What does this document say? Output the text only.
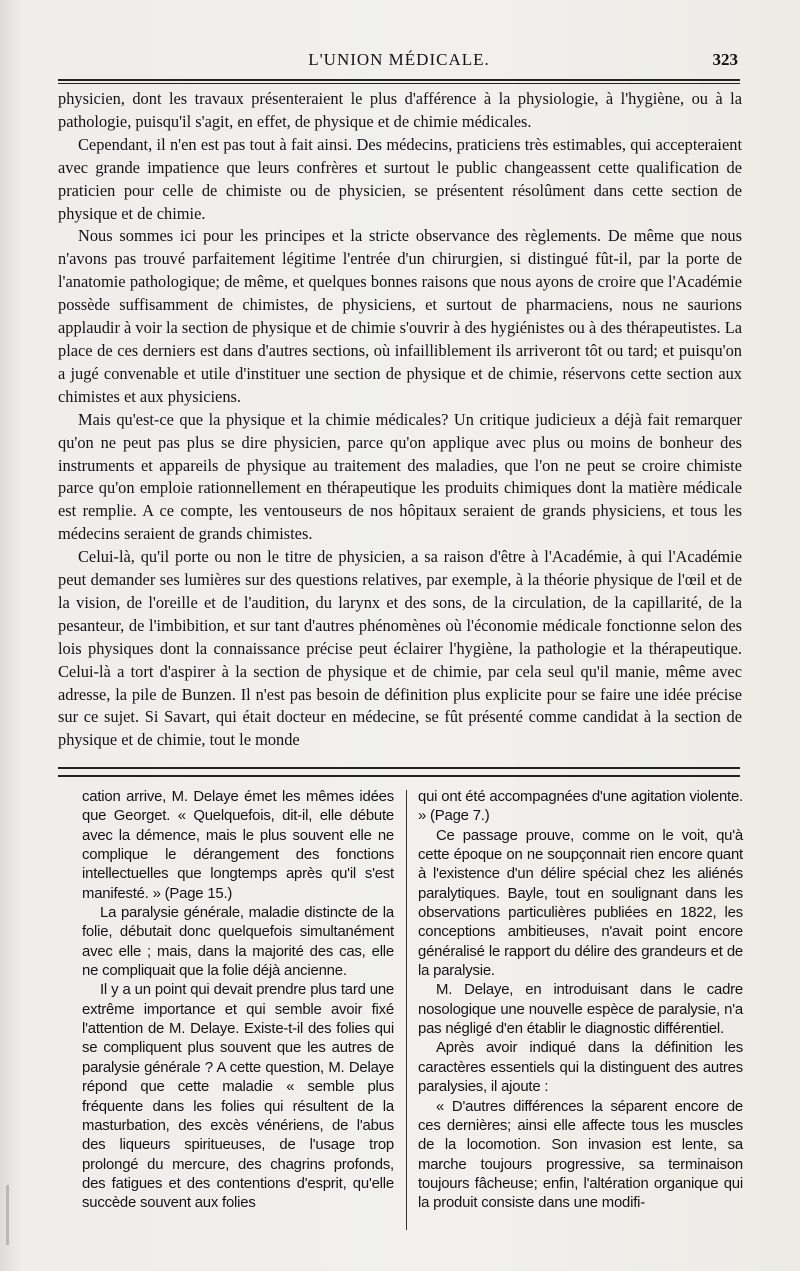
L'UNION MÉDICALE.	323

physicien, dont les travaux présenteraient le plus d'afférence à la physiologie, à l'hygiène, ou à la pathologie, puisqu'il s'agit, en effet, de physique et de chimie médicales.

Cependant, il n'en est pas tout à fait ainsi. Des médecins, praticiens très estimables, qui accepteraient avec grande impatience que leurs confrères et surtout le public changeassent cette qualification de praticien pour celle de chimiste ou de physicien, se présentent résolûment dans cette section de physique et de chimie.

Nous sommes ici pour les principes et la stricte observance des règlements. De même que nous n'avons pas trouvé parfaitement légitime l'entrée d'un chirurgien, si distingué fût-il, par la porte de l'anatomie pathologique; de même, et quelques bonnes raisons que nous ayons de croire que l'Académie possède suffisamment de chimistes, de physiciens, et surtout de pharmaciens, nous ne saurions applaudir à voir la section de physique et de chimie s'ouvrir à des hygiénistes ou à des thérapeutistes. La place de ces derniers est dans d'autres sections, où infailliblement ils arriveront tôt ou tard; et puisqu'on a jugé convenable et utile d'instituer une section de physique et de chimie, réservons cette section aux chimistes et aux physiciens.

Mais qu'est-ce que la physique et la chimie médicales? Un critique judicieux a déjà fait remarquer qu'on ne peut pas plus se dire physicien, parce qu'on applique avec plus ou moins de bonheur des instruments et appareils de physique au traitement des maladies, que l'on ne peut se croire chimiste parce qu'on emploie rationnellement en thérapeutique les produits chimiques dont la matière médicale est remplie. A ce compte, les ventouseurs de nos hôpitaux seraient de grands physiciens, et tous les médecins seraient de grands chimistes.

Celui-là, qu'il porte ou non le titre de physicien, a sa raison d'être à l'Académie, à qui l'Académie peut demander ses lumières sur des questions relatives, par exemple, à la théorie physique de l'œil et de la vision, de l'oreille et de l'audition, du larynx et des sons, de la circulation, de la capillarité, de la pesanteur, de l'imbibition, et sur tant d'autres phénomènes où l'économie médicale fonctionne selon des lois physiques dont la connaissance précise peut éclairer l'hygiène, la pathologie et la thérapeutique. Celui-là a tort d'aspirer à la section de physique et de chimie, par cela seul qu'il manie, même avec adresse, la pile de Bunzen. Il n'est pas besoin de définition plus explicite pour se faire une idée précise sur ce sujet. Si Savart, qui était docteur en médecine, se fût présenté comme candidat à la section de physique et de chimie, tout le monde

cation arrive, M. Delaye émet les mêmes idées que Georget. « Quelquefois, dit-il, elle débute avec la démence, mais le plus souvent elle ne complique le dérangement des fonctions intellectuelles que longtemps après qu'il s'est manifesté. » (Page 15.)

La paralysie générale, maladie distincte de la folie, débutait donc quelquefois simultanément avec elle ; mais, dans la majorité des cas, elle ne compliquait que la folie déjà ancienne.

Il y a un point qui devait prendre plus tard une extrême importance et qui semble avoir fixé l'attention de M. Delaye. Existe-t-il des folies qui se compliquent plus souvent que les autres de paralysie générale ? A cette question, M. Delaye répond que cette maladie « semble plus fréquente dans les folies qui résultent de la masturbation, des excès vénériens, de l'abus des liqueurs spiritueuses, de l'usage trop prolongé du mercure, des chagrins profonds, des fatigues et des contentions d'esprit, qu'elle succède souvent aux folies

qui ont été accompagnées d'une agitation violente. » (Page 7.)

Ce passage prouve, comme on le voit, qu'à cette époque on ne soupçonnait rien encore quant à l'existence d'un délire spécial chez les aliénés paralytiques. Bayle, tout en soulignant dans les observations particulières publiées en 1822, les conceptions ambitieuses, n'avait point encore généralisé le rapport du délire des grandeurs et de la paralysie.

M. Delaye, en introduisant dans le cadre nosologique une nouvelle espèce de paralysie, n'a pas négligé d'en établir le diagnostic différentiel.

Après avoir indiqué dans la définition les caractères essentiels qui la distinguent des autres paralysies, il ajoute :

« D'autres différences la séparent encore de ces dernières; ainsi elle affecte tous les muscles de la locomotion. Son invasion est lente, sa marche toujours progressive, sa terminaison toujours fâcheuse; enfin, l'altération organique qui la produit consiste dans une modifi-
